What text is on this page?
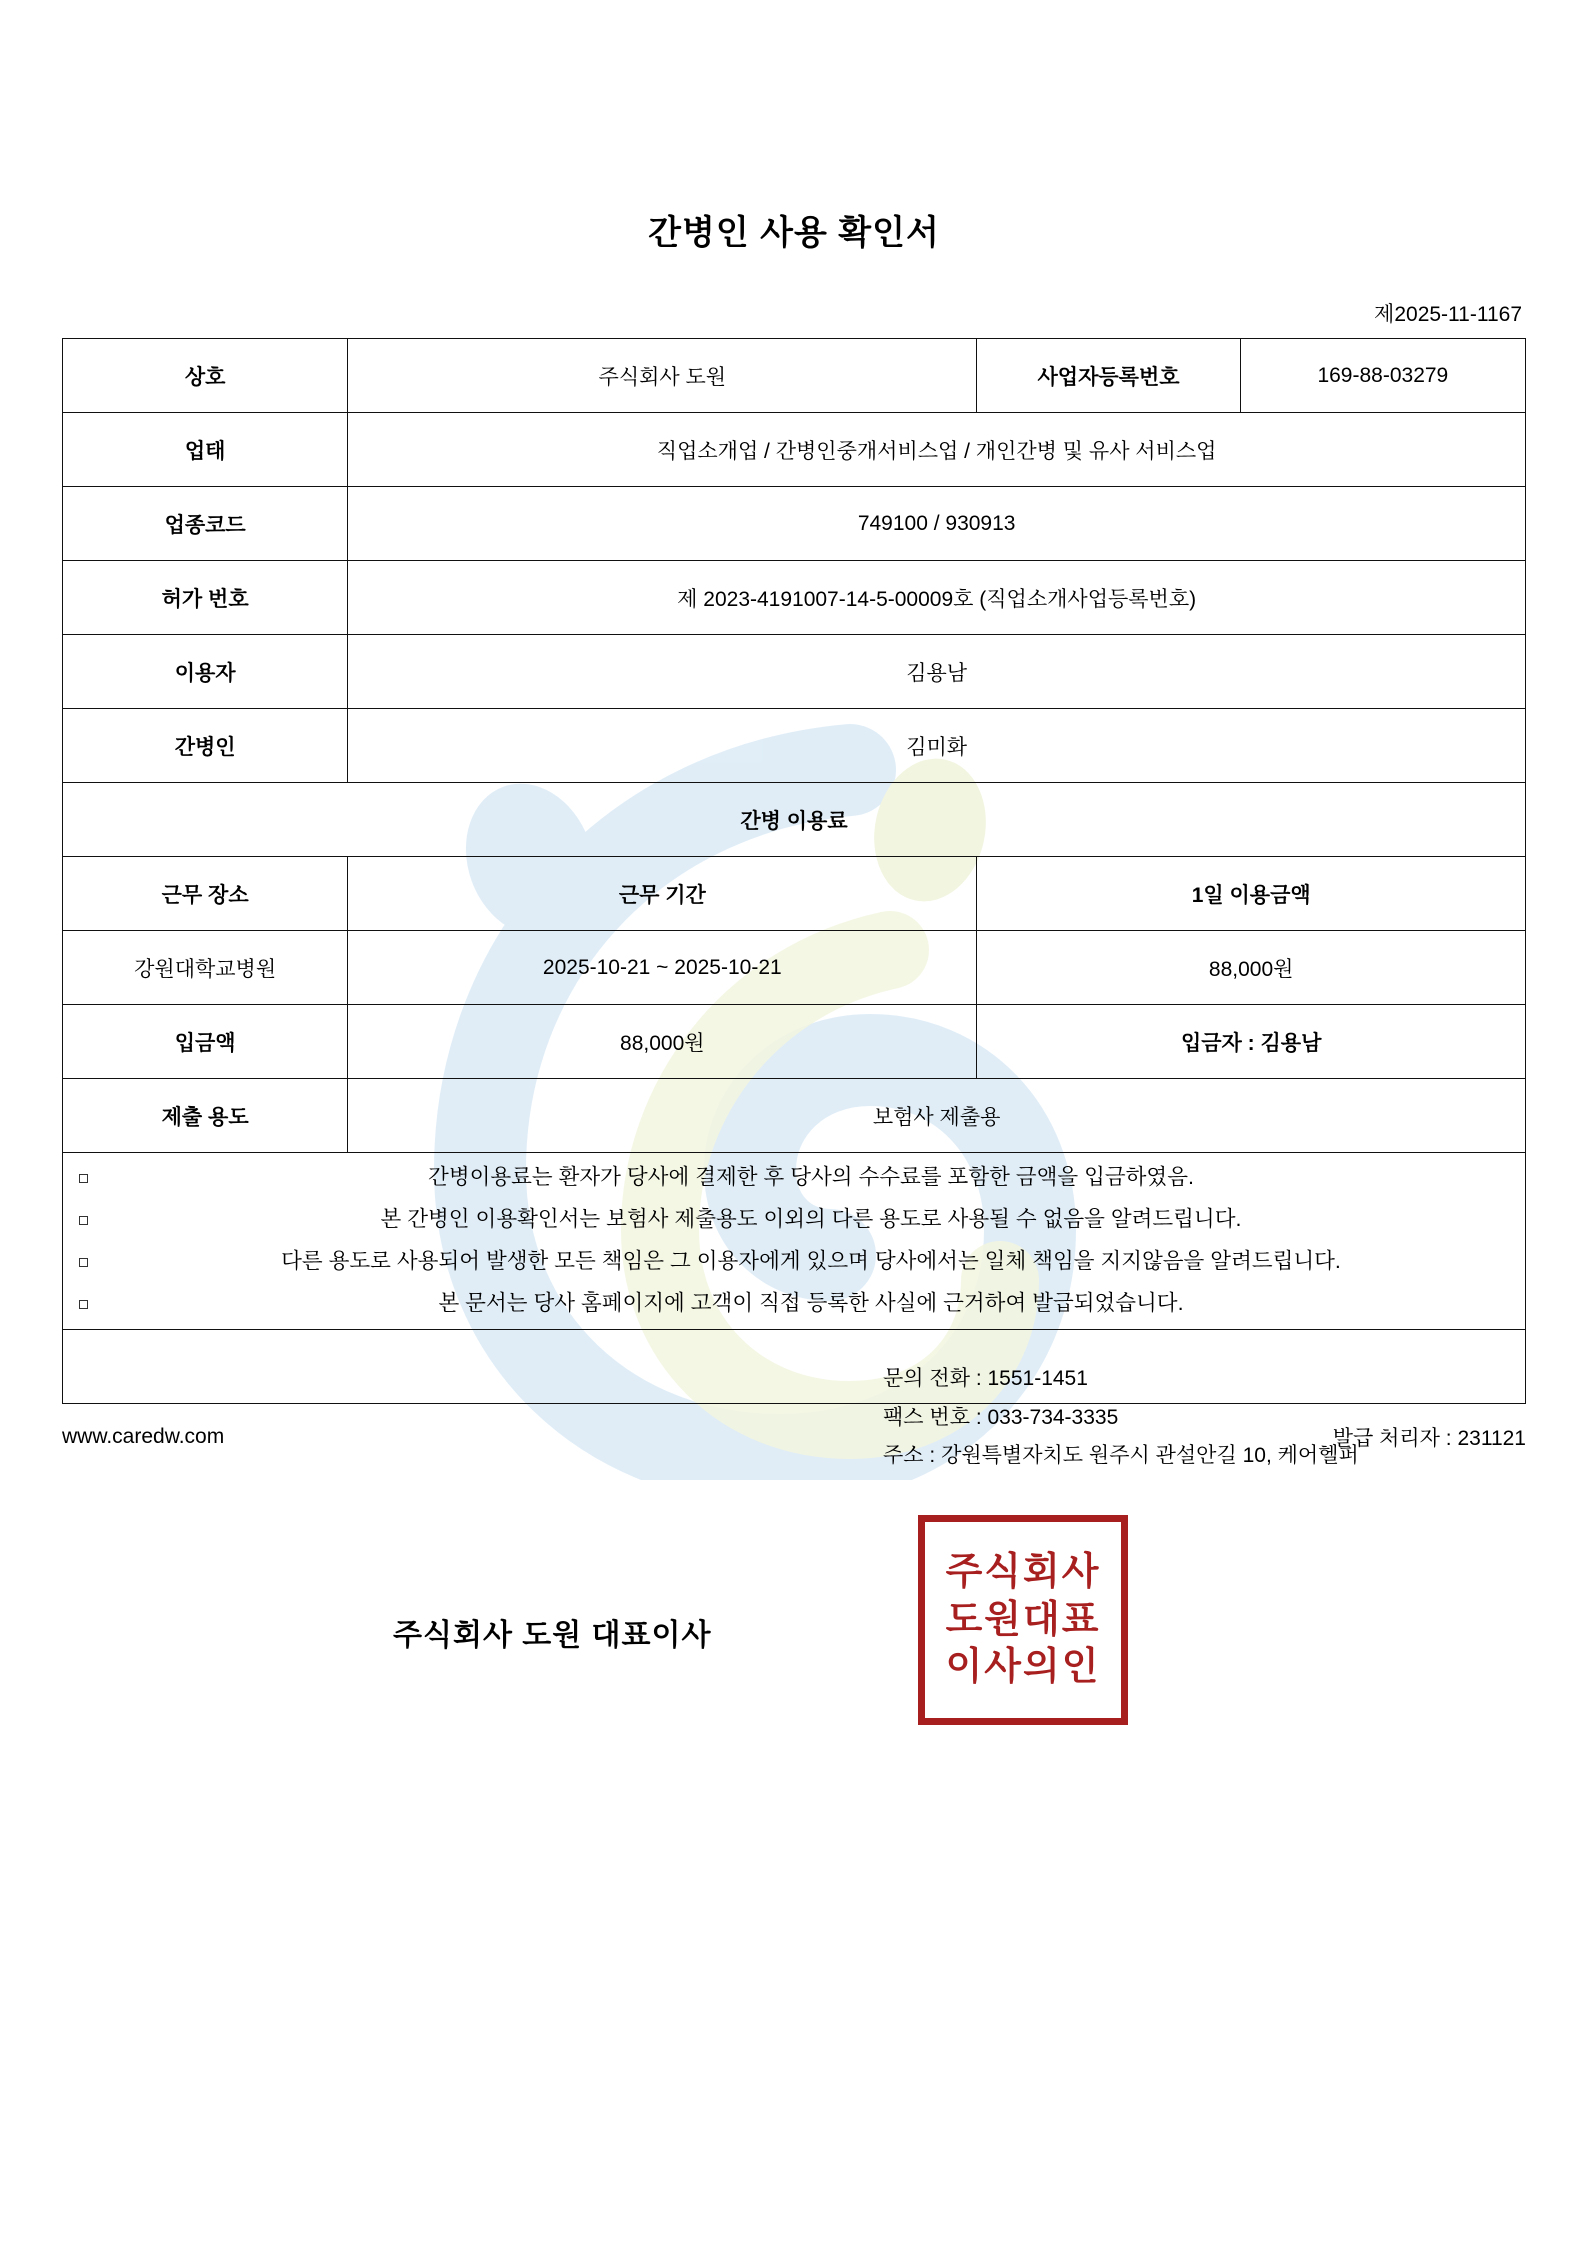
간병인 사용 확인서
제2025-11-1167
상호	주식회사 도원	사업자등록번호	169-88-03279
업태	직업소개업 / 간병인중개서비스업 / 개인간병 및 유사 서비스업		
업종코드	749100 / 930913		
허가 번호	제 2023-4191007-14-5-00009호 (직업소개사업등록번호)		
이용자	김용남		
간병인	김미화		
간병 이용료			
근무 장소	근무 기간	1일 이용금액	
강원대학교병원	2025-10-21 ~ 2025-10-21	88,000원	
입금액	88,000원	입금자 : 김용남	
제출 용도	보험사 제출용		

간병이용료는 환자가 당사에 결제한 후 당사의 수수료를 포함한 금액을 입금하였음.
본 간병인 이용확인서는 보험사 제출용도 이외의 다른 용도로 사용될 수 없음을 알려드립니다.
다른 용도로 사용되어 발생한 모든 책임은 그 이용자에게 있으며 당사에서는 일체 책임을 지지않음을 알려드립니다.
본 문서는 당사 홈페이지에 고객이 직접 등록한 사실에 근거하여 발급되었습니다.

문의 전화 : 1551-1451
팩스 번호 : 033-734-3335
주소 : 강원특별자치도 원주시 관설안길 10, 케어헬퍼
주식회사 도원 대표이사
주식회사
도원대표
이사의인
www.caredw.com	발급 처리자 : 231121
